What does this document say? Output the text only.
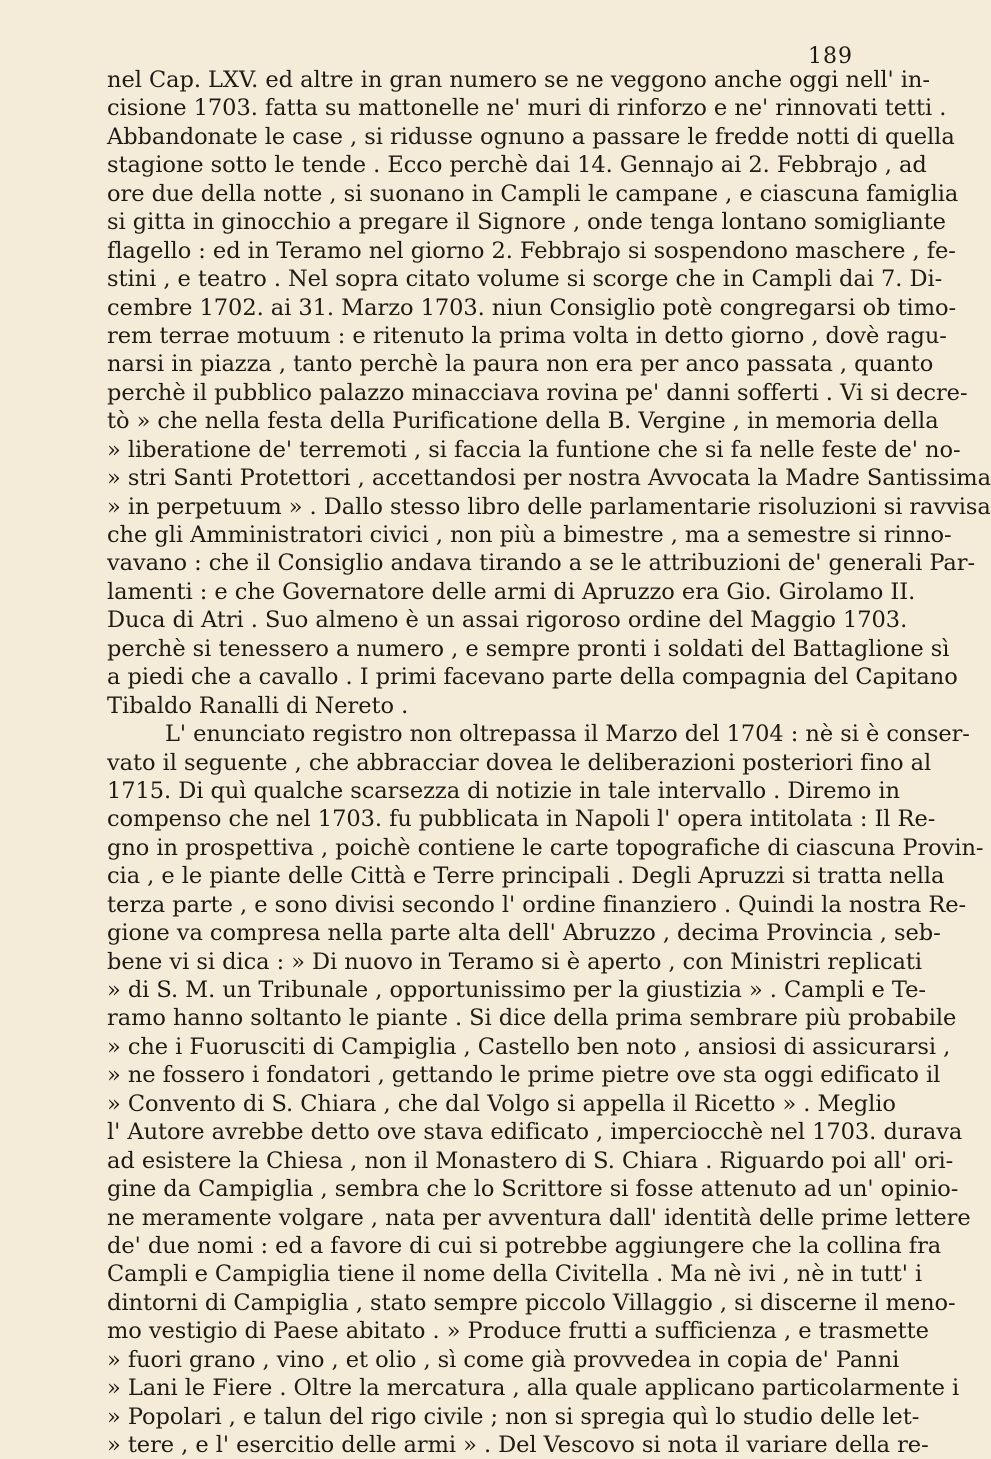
189
nel Cap. LXV. ed altre in gran numero se ne veggono anche oggi nell' in-
cisione 1703. fatta su mattonelle ne' muri di rinforzo e ne' rinnovati tetti .
Abbandonate le case , si ridusse ognuno a passare le fredde notti di quella
stagione sotto le tende . Ecco perchè dai 14. Gennajo ai 2. Febbrajo , ad
ore due della notte , si suonano in Campli le campane , e ciascuna famiglia
si gitta in ginocchio a pregare il Signore , onde tenga lontano somigliante
flagello : ed in Teramo nel giorno 2. Febbrajo si sospendono maschere , fe-
stini , e teatro . Nel sopra citato volume si scorge che in Campli dai 7. Di-
cembre 1702. ai 31. Marzo 1703. niun Consiglio potè congregarsi ob timo-
rem terrae motuum : e ritenuto la prima volta in detto giorno , dovè ragu-
narsi in piazza , tanto perchè la paura non era per anco passata , quanto
perchè il pubblico palazzo minacciava rovina pe' danni sofferti . Vi si decre-
tò » che nella festa della Purificatione della B. Vergine , in memoria della
» liberatione de' terremoti , si faccia la funtione che si fa nelle feste de' no-
» stri Santi Protettori , accettandosi per nostra Avvocata la Madre Santissima
» in perpetuum » . Dallo stesso libro delle parlamentarie risoluzioni si ravvisa
che gli Amministratori civici , non più a bimestre , ma a semestre si rinno-
vavano : che il Consiglio andava tirando a se le attribuzioni de' generali Par-
lamenti : e che Governatore delle armi di Apruzzo era Gio. Girolamo II.
Duca di Atri . Suo almeno è un assai rigoroso ordine del Maggio 1703.
perchè si tenessero a numero , e sempre pronti i soldati del Battaglione sì
a piedi che a cavallo . I primi facevano parte della compagnia del Capitano
Tibaldo Ranalli di Nereto .
L' enunciato registro non oltrepassa il Marzo del 1704 : nè si è conser-
vato il seguente , che abbracciar dovea le deliberazioni posteriori fino al
1715. Di quì qualche scarsezza di notizie in tale intervallo . Diremo in
compenso che nel 1703. fu pubblicata in Napoli l' opera intitolata : Il Re-
gno in prospettiva , poichè contiene le carte topografiche di ciascuna Provin-
cia , e le piante delle Città e Terre principali . Degli Apruzzi si tratta nella
terza parte , e sono divisi secondo l' ordine finanziero . Quindi la nostra Re-
gione va compresa nella parte alta dell' Abruzzo , decima Provincia , seb-
bene vi si dica : » Di nuovo in Teramo si è aperto , con Ministri replicati
» di S. M. un Tribunale , opportunissimo per la giustizia » . Campli e Te-
ramo hanno soltanto le piante . Si dice della prima sembrare più probabile
» che i Fuorusciti di Campiglia , Castello ben noto , ansiosi di assicurarsi ,
» ne fossero i fondatori , gettando le prime pietre ove sta oggi edificato il
» Convento di S. Chiara , che dal Volgo si appella il Ricetto » . Meglio
l' Autore avrebbe detto ove stava edificato , imperciocchè nel 1703. durava
ad esistere la Chiesa , non il Monastero di S. Chiara . Riguardo poi all' ori-
gine da Campiglia , sembra che lo Scrittore si fosse attenuto ad un' opinio-
ne meramente volgare , nata per avventura dall' identità delle prime lettere
de' due nomi : ed a favore di cui si potrebbe aggiungere che la collina fra
Campli e Campiglia tiene il nome della Civitella . Ma nè ivi , nè in tutt' i
dintorni di Campiglia , stato sempre piccolo Villaggio , si discerne il meno-
mo vestigio di Paese abitato . » Produce frutti a sufficienza , e trasmette
» fuori grano , vino , et olio , sì come già provvedea in copia de' Panni
» Lani le Fiere . Oltre la mercatura , alla quale applicano particolarmente i
» Popolari , e talun del rigo civile ; non si spregia quì lo studio delle let-
» tere , e l' esercitio delle armi » . Del Vescovo si nota il variare della re-
